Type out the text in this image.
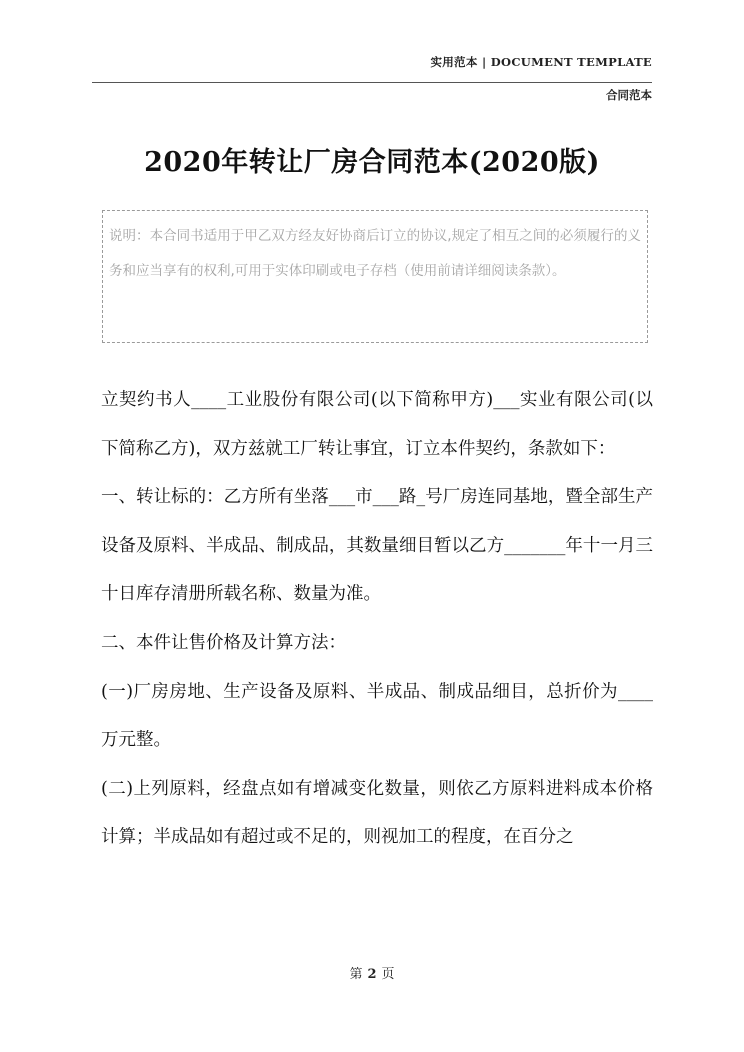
实用范本 | DOCUMENT TEMPLATE
合同范本
2020年转让厂房合同范本(2020版)
说明：本合同书适用于甲乙双方经友好协商后订立的协议,规定了相互之间的必须履行的义务和应当享有的权利,可用于实体印刷或电子存档（使用前请详细阅读条款）。

立契约书人____工业股份有限公司(以下简称甲方)___实业有限公司(以下简称乙方)，双方兹就工厂转让事宜，订立本件契约，条款如下：

一、转让标的：乙方所有坐落___市___路_号厂房连同基地，暨全部生产设备及原料、半成品、制成品，其数量细目暂以乙方_______年十一月三十日库存清册所载名称、数量为准。

二、本件让售价格及计算方法：

(一)厂房房地、生产设备及原料、半成品、制成品细目，总折价为____万元整。

(二)上列原料，经盘点如有增减变化数量，则依乙方原料进料成本价格计算；半成品如有超过或不足的，则视加工的程度，在百分之

第 2 页
